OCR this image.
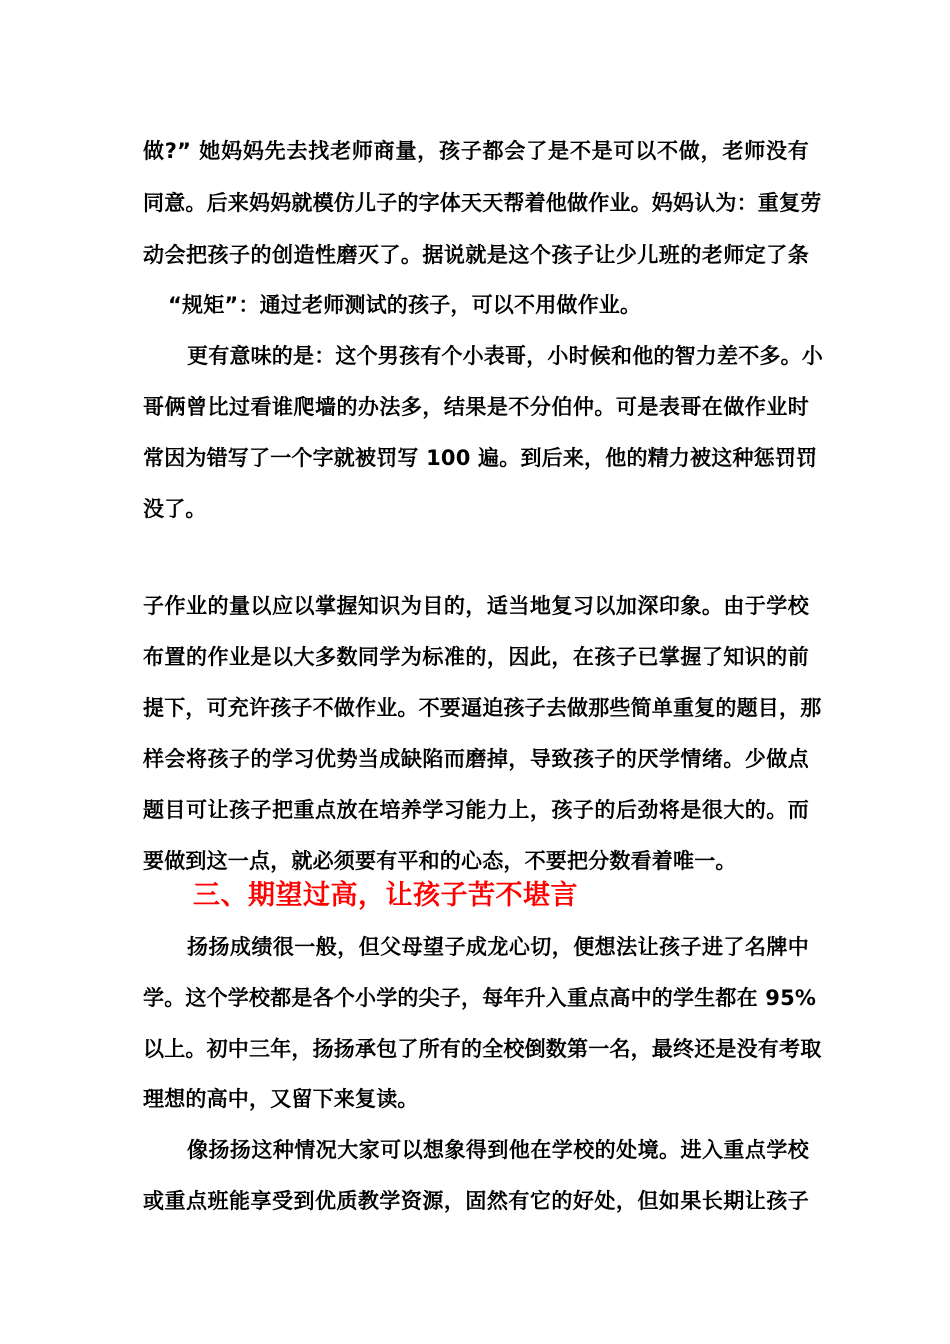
做?” 她妈妈先去找老师商量，孩子都会了是不是可以不做，老师没有
同意。后来妈妈就模仿儿子的字体天天帮着他做作业。妈妈认为：重复劳
动会把孩子的创造性磨灭了。据说就是这个孩子让少儿班的老师定了条
“规矩”：通过老师测试的孩子，可以不用做作业。
更有意味的是：这个男孩有个小表哥，小时候和他的智力差不多。小
哥俩曾比过看谁爬墙的办法多，结果是不分伯仲。可是表哥在做作业时
常因为错写了一个字就被罚写 100 遍。到后来，他的精力被这种惩罚罚
没了。
子作业的量以应以掌握知识为目的，适当地复习以加深印象。由于学校
布置的作业是以大多数同学为标准的，因此，在孩子已掌握了知识的前
提下，可充许孩子不做作业。不要逼迫孩子去做那些简单重复的题目，那
样会将孩子的学习优势当成缺陷而磨掉，导致孩子的厌学情绪。少做点
题目可让孩子把重点放在培养学习能力上，孩子的后劲将是很大的。而
要做到这一点，就必须要有平和的心态，不要把分数看着唯一。
三、期望过高，让孩子苦不堪言
扬扬成绩很一般，但父母望子成龙心切，便想法让孩子进了名牌中
学。这个学校都是各个小学的尖子，每年升入重点高中的学生都在 95%
以上。初中三年，扬扬承包了所有的全校倒数第一名，最终还是没有考取
理想的高中，又留下来复读。
像扬扬这种情况大家可以想象得到他在学校的处境。进入重点学校
或重点班能享受到优质教学资源，固然有它的好处，但如果长期让孩子
